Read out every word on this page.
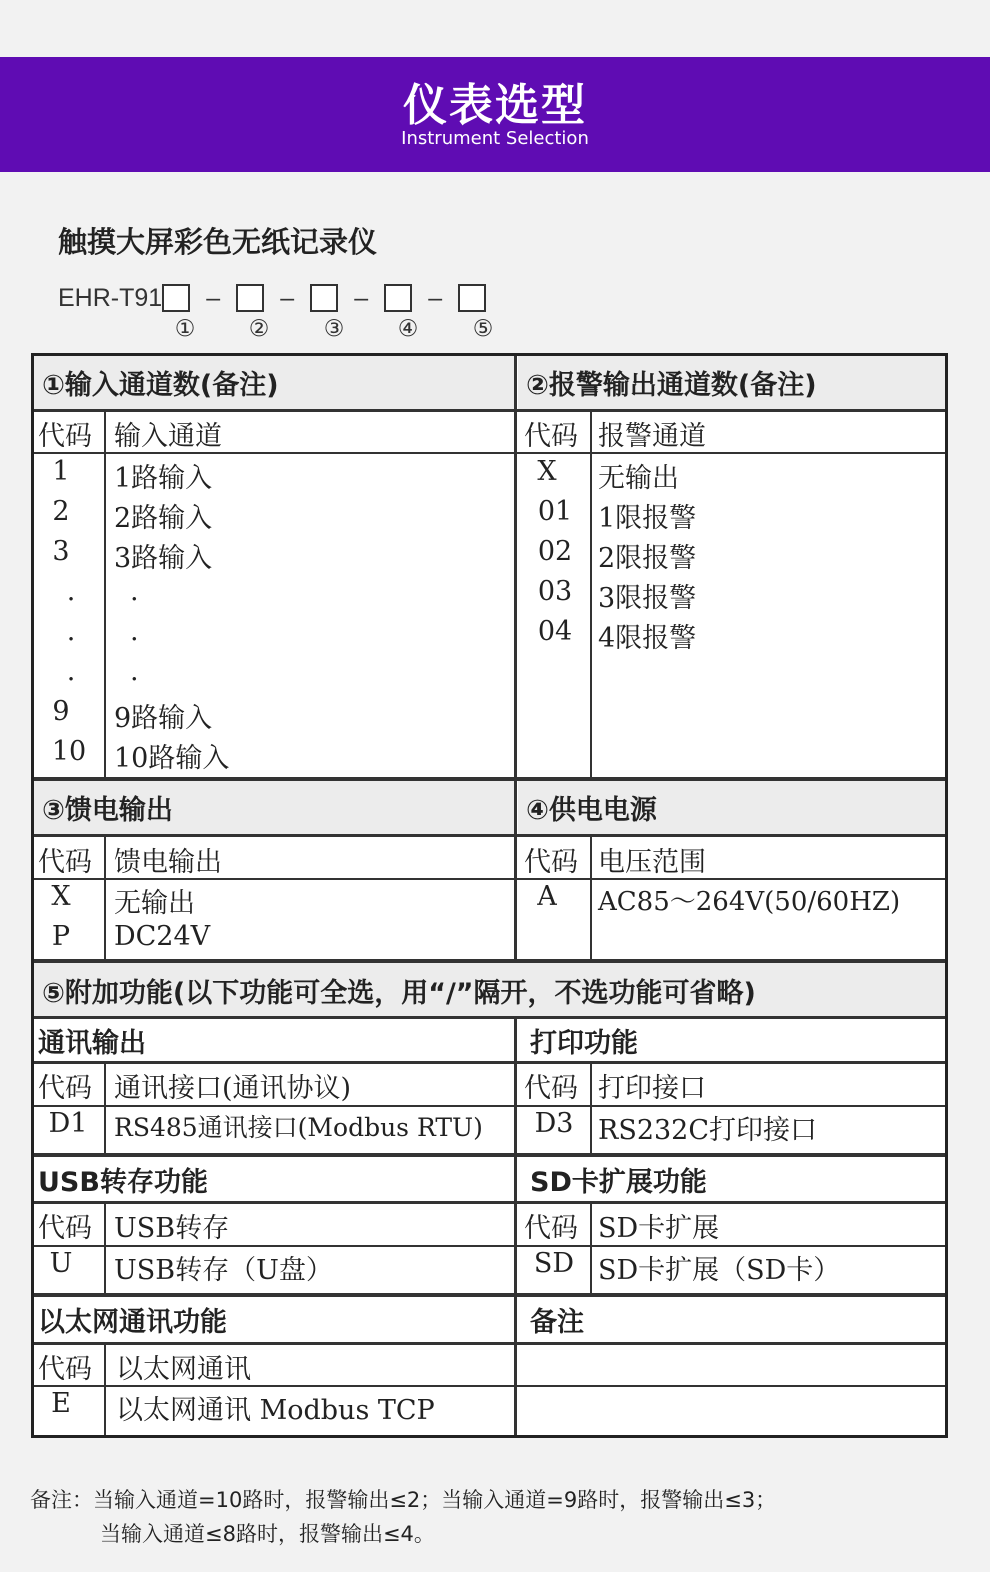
仪表选型
Instrument Selection
触摸大屏彩色无纸记录仪
EHR-T91	–	–	–	–
① ② ③ ④ ⑤
①输入通道数(备注)	②报警输出通道数(备注)
③馈电输出	④供电电源
⑤附加功能(以下功能可全选，用“/”隔开，不选功能可省略)
通讯输出	打印功能
USB转存功能	SD卡扩展功能
以太网通讯功能	备注
代码 输入通道
1	1路输入
2	2路输入
3	3路输入
.	.
.	.
.	.
9	9路输入
10 10路输入
代码 报警通道
X	无输出
01 1限报警
02 2限报警
03 3限报警
04 4限报警
代码 馈电输出
X	无输出
P	DC24V
代码 电压范围
A	AC85～264V(50/60HZ)
代码 通讯接口(通讯协议)
D1	RS485通讯接口(Modbus RTU)
代码 打印接口
D3 RS232C打印接口
代码 USB转存
U	USB转存（U盘）
代码 SD卡扩展
SD SD卡扩展（SD卡）
代码 以太网通讯
E	以太网通讯 Modbus TCP
备注：当输入通道=10路时，报警输出≤2；当输入通道=9路时，报警输出≤3；
当输入通道≤8路时，报警输出≤4。
